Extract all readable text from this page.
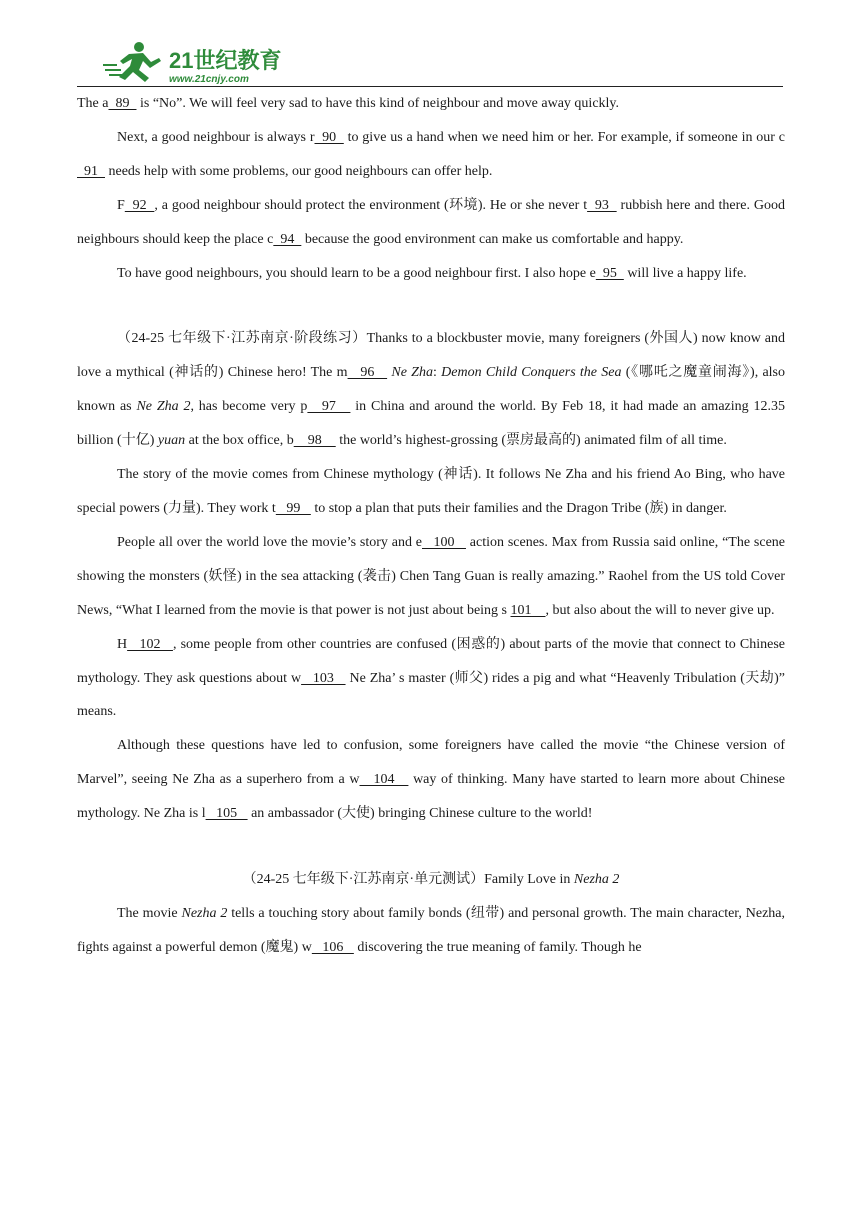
21世纪教育
www.21cnjy.com

The a  89   is “No”. We will feel very sad to have this kind of neighbour and move away quickly.

Next, a good neighbour is always r  90   to give us a hand when we need him or her. For example, if someone in our c  91   needs help with some problems, our good neighbours can offer help.

F  92  , a good neighbour should protect the environment (环境). He or she never t  93   rubbish here and there. Good neighbours should keep the place c  94   because the good environment can make us comfortable and happy.

To have good neighbours, you should learn to be a good neighbour first. I also hope e  95   will live a happy life.

（24-25 七年级下·江苏南京·阶段练习）Thanks to a blockbuster movie, many foreigners (外国人) now know and love a mythical (神话的) Chinese hero! The m   96    Ne Zha: Demon Child Conquers the Sea (《哪吒之魔童闹海》), also known as Ne Zha 2, has become very p   97    in China and around the world. By Feb 18, it had made an amazing 12.35 billion (十亿) yuan at the box office, b    98     the world’s highest-grossing (票房最高的) animated film of all time.

The story of the movie comes from Chinese mythology (神话). It follows Ne Zha and his friend Ao Bing, who have special powers (力量). They work t   99    to stop a plan that puts their families and the Dragon Tribe (族) in danger.

People all over the world love the movie’s story and e   100    action scenes. Max from Russia said online, “The scene showing the monsters (妖怪) in the sea attacking (袭击) Chen Tang Guan is really amazing.” Raohel from the US told Cover News, “What I learned from the movie is that power is not just about being s 101 , but also about the will to never give up.

H   102   , some people from other countries are confused (困惑的) about parts of the movie that connect to Chinese mythology. They ask questions about w   103    Ne Zha’ s master (师父) rides a pig and what “Heavenly Tribulation (天劫)” means.

Although these questions have led to confusion, some foreigners have called the movie “the Chinese version of Marvel”, seeing Ne Zha as a superhero from a w   104    way of thinking. Many have started to learn more about Chinese mythology. Ne Zha is l   105    an ambassador (大使) bringing Chinese culture to the world!

（24-25 七年级下·江苏南京·单元测试）Family Love in Nezha 2

The movie Nezha 2 tells a touching story about family bonds (纽带) and personal growth. The main character, Nezha, fights against a powerful demon (魔鬼) w   106    discovering the true meaning of family. Though he
